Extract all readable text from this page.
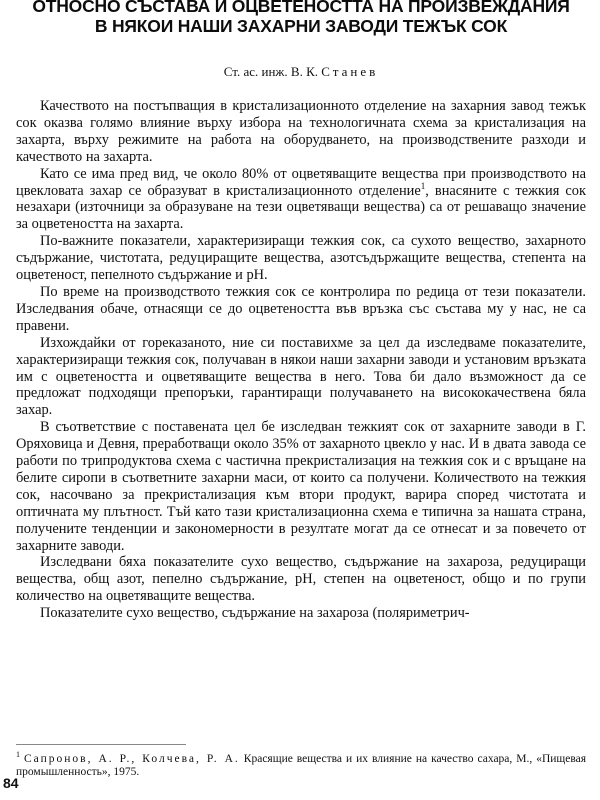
ОТНОСНО СЪСТАВА И ОЦВЕТЕНОСТТА НА ПРОИЗВЕЖДАНИЯ
В НЯКОИ НАШИ ЗАХАРНИ ЗАВОДИ ТЕЖЪК СОК
Ст. ас. инж. В. К. Станев

Качеството на постъпващия в кристализационното отделение на захарния завод тежък сок оказва голямо влияние върху избора на технологичната схема за кристализация на захарта, върху режимите на работа на оборудването, на производствените разходи и качеството на захарта.

Като се има пред вид, че около 80% от оцветяващите вещества при производството на цвекловата захар се образуват в кристализационното отделение$^1$, внасяните с тежкия сок незахари (източници за образуване на тези оцветяващи вещества) са от решаващо значение за оцветеността на захарта.

По-важните показатели, характеризиращи тежкия сок, са сухото вещество, захарното съдържание, чистотата, редуциращите вещества, азотсъдържащите вещества, степента на оцветеност, пепелното съдържание и pH.

По време на производството тежкия сок се контролира по редица от тези показатели. Изследвания обаче, отнасящи се до оцветеността във връзка със състава му у нас, не са правени.

Изхождайки от гореказаното, ние си поставихме за цел да изследваме показателите, характеризиращи тежкия сок, получаван в някои наши захарни заводи и установим връзката им с оцветеността и оцветяващите вещества в него. Това би дало възможност да се предложат подходящи препоръки, гарантиращи получаването на висококачествена бяла захар.

В съответствие с поставената цел бе изследван тежкият сок от захарните заводи в Г. Оряховица и Девня, преработващи около 35% от захарното цвекло у нас. И в двата завода се работи по трипродуктова схема с частична прекристализация на тежкия сок и с връщане на белите сиропи в съответните захарни маси, от които са получени. Количеството на тежкия сок, насочвано за прекристализация към втори продукт, варира според чистотата и оптичната му плътност. Тъй като тази кристализационна схема е типична за нашата страна, получените тенденции и закономерности в резултате могат да се отнесат и за повечето от захарните заводи.

Изследвани бяха показателите сухо вещество, съдържание на захароза, редуциращи вещества, общ азот, пепелно съдържание, pH, степен на оцветеност, общо и по групи количество на оцветяващите вещества.

Показателите сухо вещество, съдържание на захароза (поляриметрич-

$^1$ Сапронов, А. Р., Колчева, Р. А. Красящие вещества и их влияние на качество сахара, М., «Пищевая промышленность», 1975.
84
